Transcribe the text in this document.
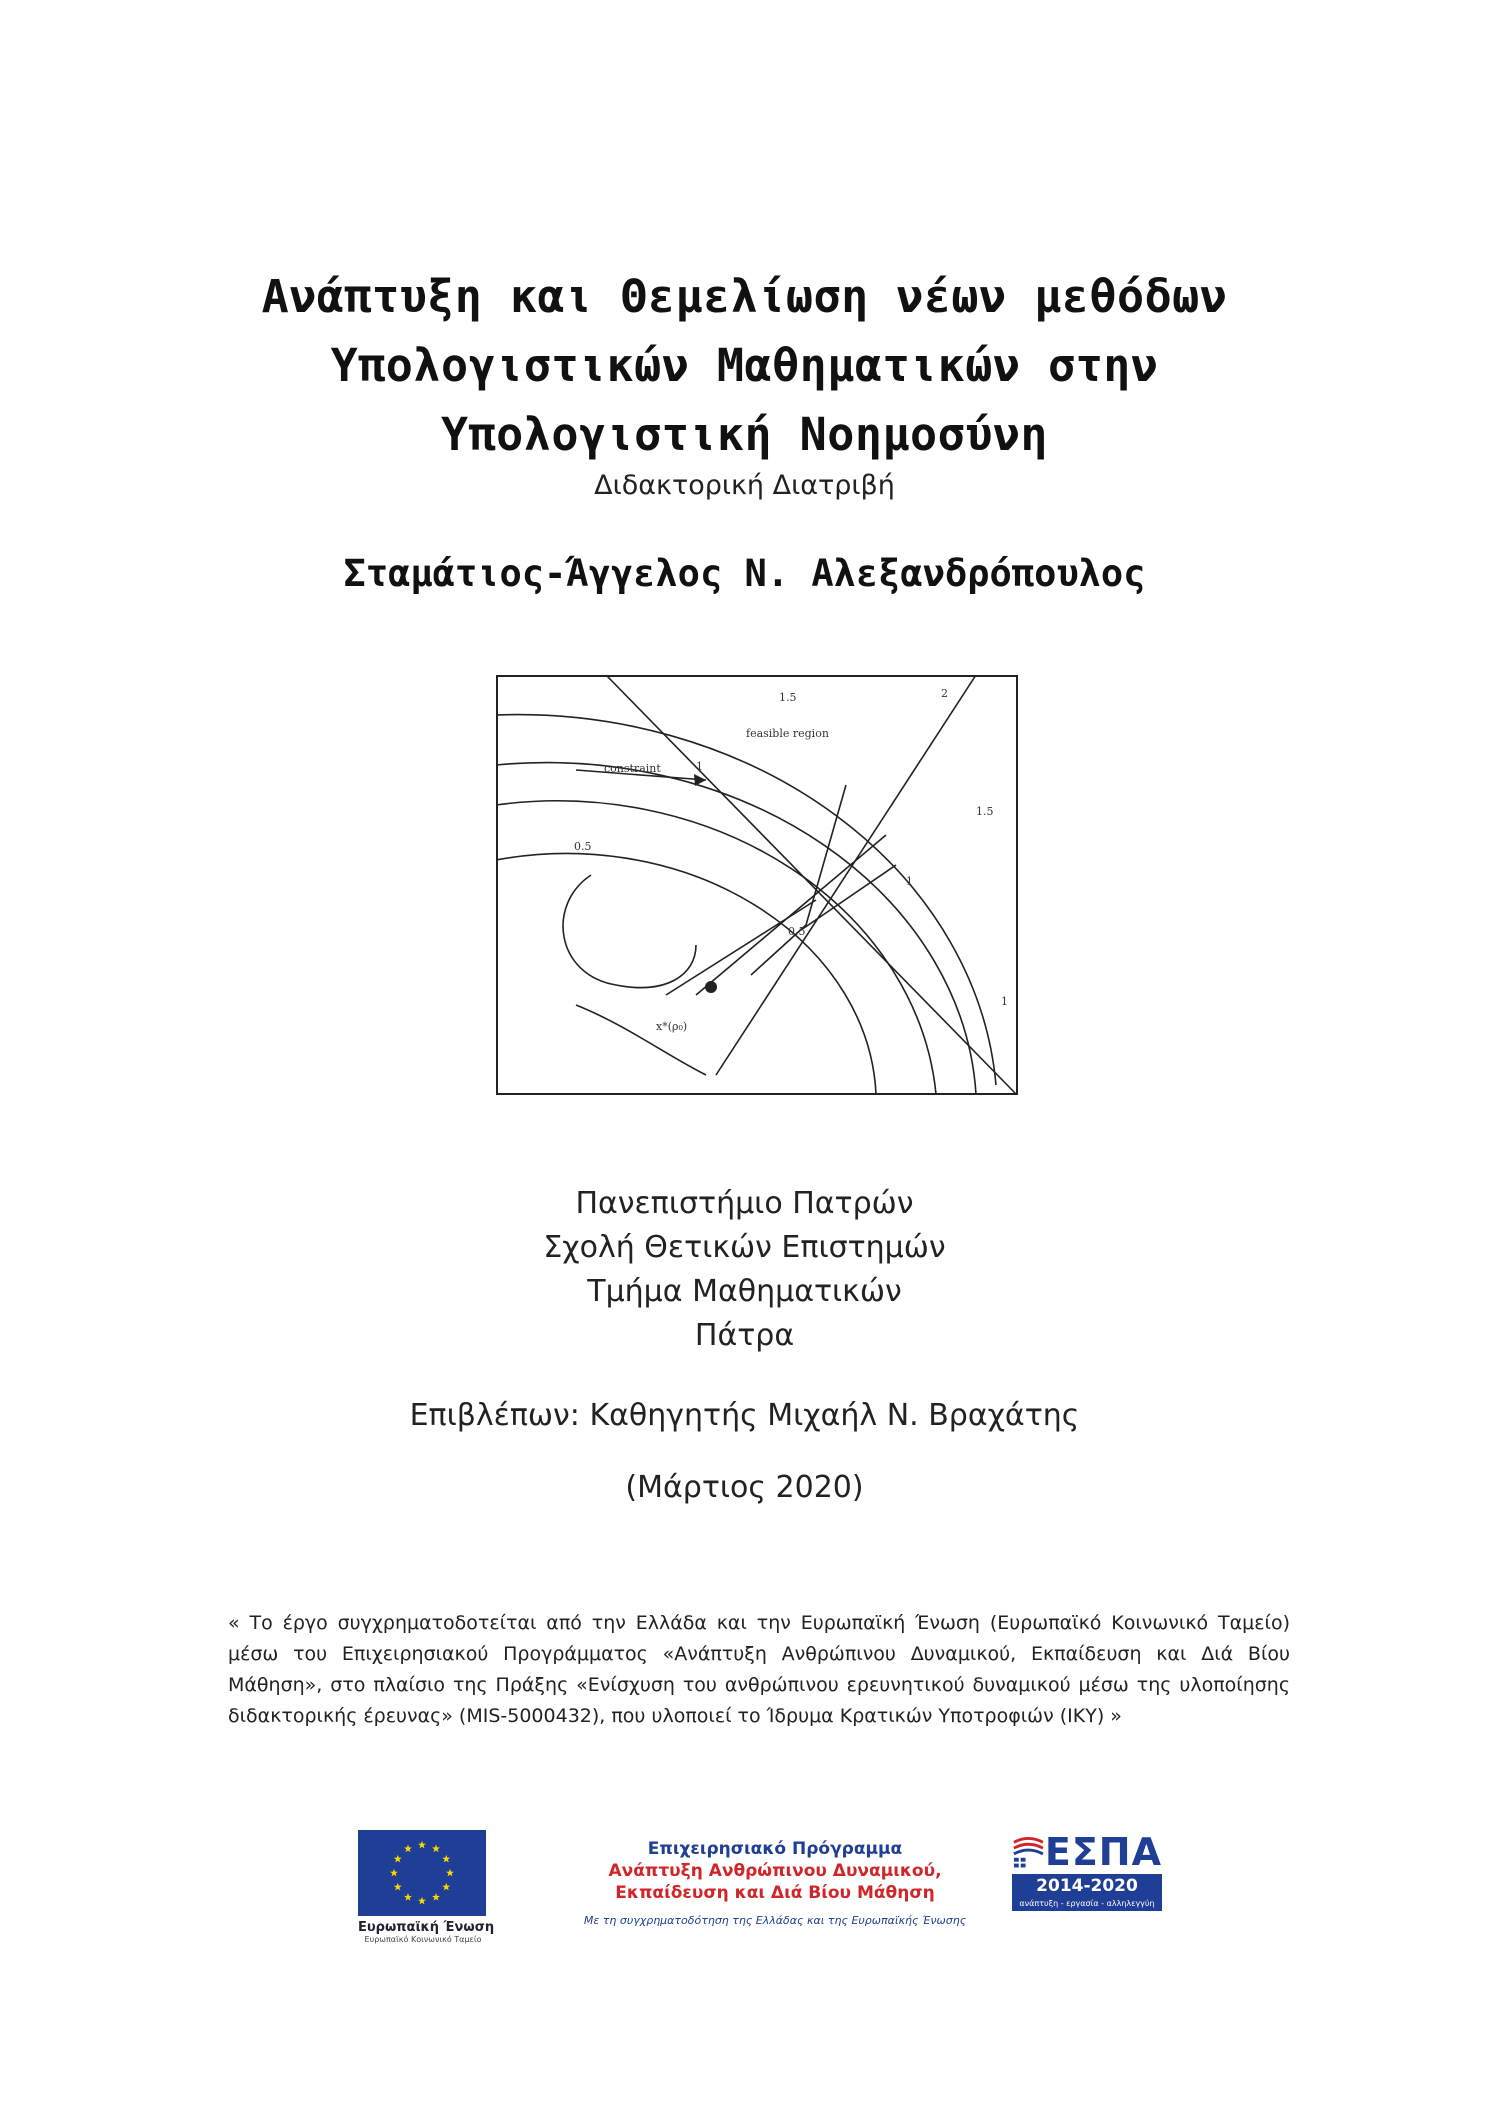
Ανάπτυξη και Θεμελίωση νέων μεθόδων
Υπολογιστικών Μαθηματικών στην
Υπολογιστική Νοημοσύνη
Διδακτορική Διατριβή
Σταμάτιος-Άγγελος Ν. Αλεξανδρόπουλος
feasible region
constraint
x*(ρ₀)
1.5	2
1.5
1
1
1
0.5
0.5
Πανεπιστήμιο Πατρών
Σχολή Θετικών Επιστημών
Τμήμα Μαθηματικών
Πάτρα
Επιβλέπων: Καθηγητής Μιχαήλ Ν. Βραχάτης
(Μάρτιος 2020)
« Το έργο συγχρηματοδοτείται από την Ελλάδα και την Ευρωπαϊκή Ένωση (Ευρωπαϊκό Κοινωνικό Ταμείο) μέσω του Επιχειρησιακού Προγράμματος «Ανάπτυξη Ανθρώπινου Δυναμικού, Εκπαίδευση και Διά Βίου Μάθηση», στο πλαίσιο της Πράξης «Ενίσχυση του ανθρώπινου ερευνητικού δυναμικού μέσω της υλοποίησης διδακτορικής έρευνας» (MIS-5000432), που υλοποιεί το Ίδρυμα Κρατικών Υποτροφιών (ΙΚΥ) »
Ευρωπαϊκή Ένωση
Ευρωπαϊκό Κοινωνικό Ταμείο
Επιχειρησιακό Πρόγραμμα
Ανάπτυξη Ανθρώπινου Δυναμικού,
Εκπαίδευση και Διά Βίου Μάθηση
Με τη συγχρηματοδότηση της Ελλάδας και της Ευρωπαϊκής Ένωσης
ΕΣΠΑ
2014-2020
ανάπτυξη - εργασία - αλληλεγγύη
